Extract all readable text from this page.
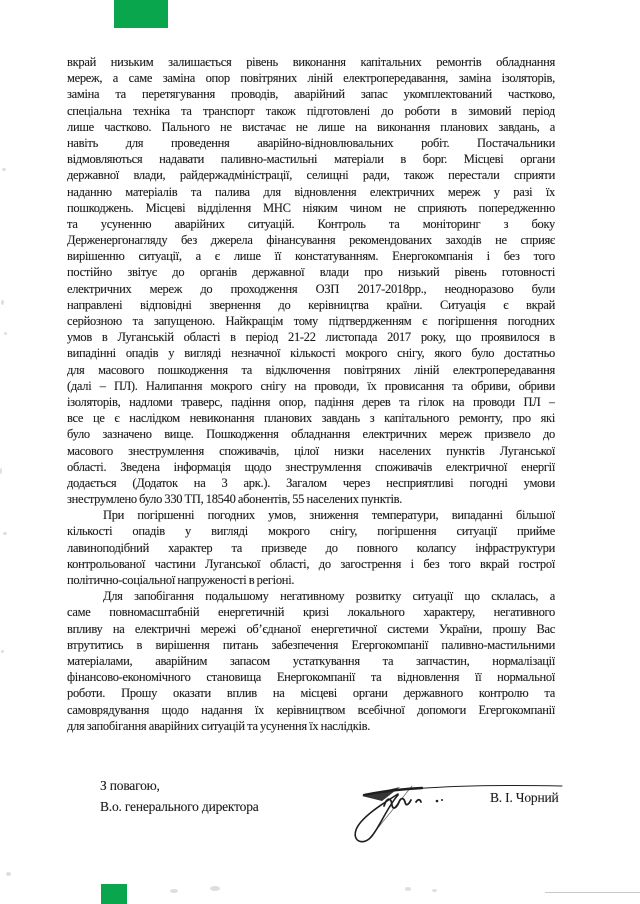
вкрай низьким залишається рівень виконання капітальних ремонтів обладнання
мереж, а саме заміна опор повітряних ліній електропередавання, заміна ізоляторів,
заміна та перетягування проводів, аварійний запас укомплектований частково,
спеціальна техніка та транспорт також підготовлені до роботи в зимовий період
лише частково. Пального не вистачає не лише на виконання планових завдань, а
навіть для проведення аварійно-відновлювальних робіт. Постачальники
відмовляються надавати паливно-мастильні матеріали в борг. Місцеві органи
державної влади, райдержадміністрації, селищні ради, також перестали сприяти
наданню матеріалів та палива для відновлення електричних мереж у разі їх
пошкоджень. Місцеві відділення МНС ніяким чином не сприяють попередженню
та усуненню аварійних ситуацій. Контроль та моніторинг з боку
Держенергонагляду без джерела фінансування рекомендованих заходів не сприяє
вирішенню ситуації, а є лише її констатуванням. Енергокомпанія і без того
постійно звітує до органів державної влади про низький рівень готовності
електричних мереж до проходження ОЗП 2017-2018рр., неодноразово були
направлені відповідні звернення до керівництва країни. Ситуація є вкрай
серйозною та запущеною. Найкращім тому підтвердженням є погіршення погодних
умов в Луганській області в період 21-22 листопада 2017 року, що проявилося в
випадінні опадів у вигляді незначної кількості мокрого снігу, якого було достатньо
для масового пошкодження та відключення повітряних ліній електропередавання
(далі – ПЛ). Налипання мокрого снігу на проводи, їх провисання та обриви, обриви
ізоляторів, надломи траверс, падіння опор, падіння дерев та гілок на проводи ПЛ –
все це є наслідком невиконання планових завдань з капітального ремонту, про які
було зазначено вище. Пошкодження обладнання електричних мереж призвело до
масового знеструмлення споживачів, цілої низки населених пунктів Луганської
області. Зведена інформація щодо знеструмлення споживачів електричної енергії
додається (Додаток на 3 арк.). Загалом через несприятливі погодні умови
знеструмлено було 330 ТП, 18540 абонентів, 55 населених пунктів.
При погіршенні погодних умов, зниження температури, випаданні більшої
кількості опадів у вигляді мокрого снігу, погіршення ситуації прийме
лавиноподібний характер та призведе до повного колапсу інфраструктури
контрольованої частини Луганської області, до загострення і без того вкрай гострої
політично-соціальної напруженості в регіоні.
Для запобігання подальшому негативному розвитку ситуації що склалась, а
саме повномасштабній енергетичній кризі локального характеру, негативного
впливу на електричні мережі об’єднаної енергетичної системи України, прошу Вас
втрутитись в вирішення питань забезпечення Егергокомпанії паливно-мастильними
матеріалами, аварійним запасом устаткування та запчастин, нормалізації
фінансово-економічного становища Енергокомпанії та відновлення її нормальної
роботи. Прошу оказати вплив на місцеві органи державного контролю та
самоврядування щодо надання їх керівництвом всебічної допомоги Егергокомпанії
для запобігання аварійних ситуацій та усунення їх наслідків.
З повагою,
В.о. генерального директора
В. І. Чорний
